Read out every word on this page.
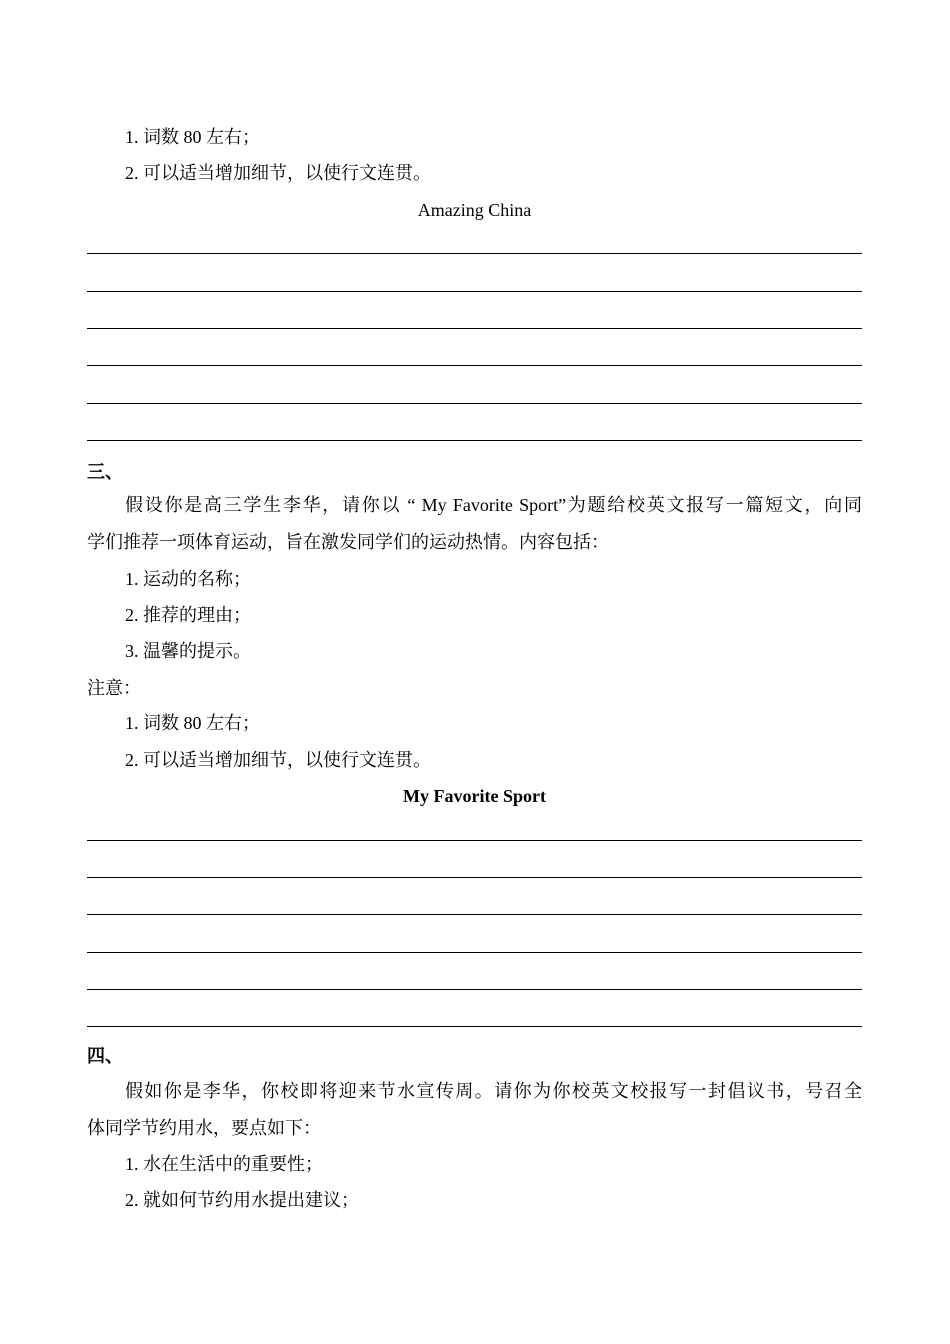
1. 词数 80 左右；
2. 可以适当增加细节，以使行文连贯。
Amazing China
三、
假设你是高三学生李华，请你以 “ My Favorite Sport”为题给校英文报写一篇短文，向同
学们推荐一项体育运动，旨在激发同学们的运动热情。内容包括：
1. 运动的名称；
2. 推荐的理由；
3. 温馨的提示。
注意：
1. 词数 80 左右；
2. 可以适当增加细节，以使行文连贯。
My Favorite Sport
四、
假如你是李华，你校即将迎来节水宣传周。请你为你校英文校报写一封倡议书，号召全
体同学节约用水，要点如下：
1. 水在生活中的重要性；
2. 就如何节约用水提出建议；
